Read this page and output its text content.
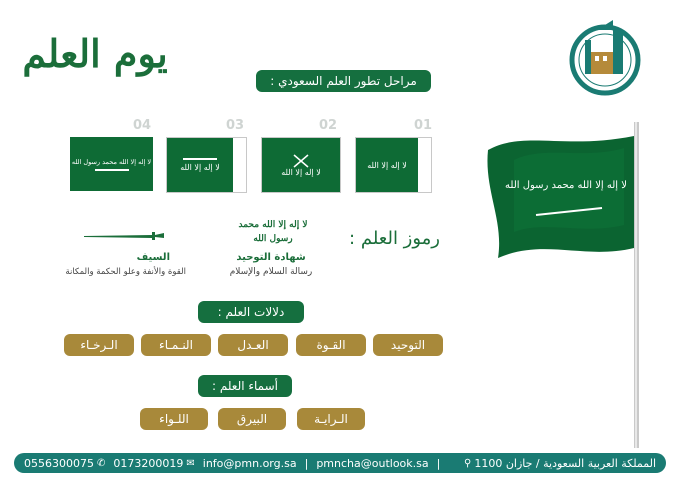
يوم العلم
مراحل تطور العلم السعودي :
01
لا إله إلا الله
02
لا إله إلا الله
03
لا إله إلا الله
04
لا إله إلا الله محمد رسول الله
لا إله إلا الله محمد رسول الله
رموز العلم :
لا إله إلا الله محمد رسول الله
شهادة التوحيد
رسالة السلام والإسلام
السيف
القوة والأنفة وعلو الحكمة والمكانة
دلالات العلم :
التوحيد
القـوة
العـدل
النـمـاء
الـرخـاء
أسماء العلم :
الـرايـة
البيرق
اللـواء
0556300075 ✆ 0173200019 ✉ info@pmn.org.sa | pmncha@outlook.sa | ⚲ المملكة العربية السعودية / جازان 1100
